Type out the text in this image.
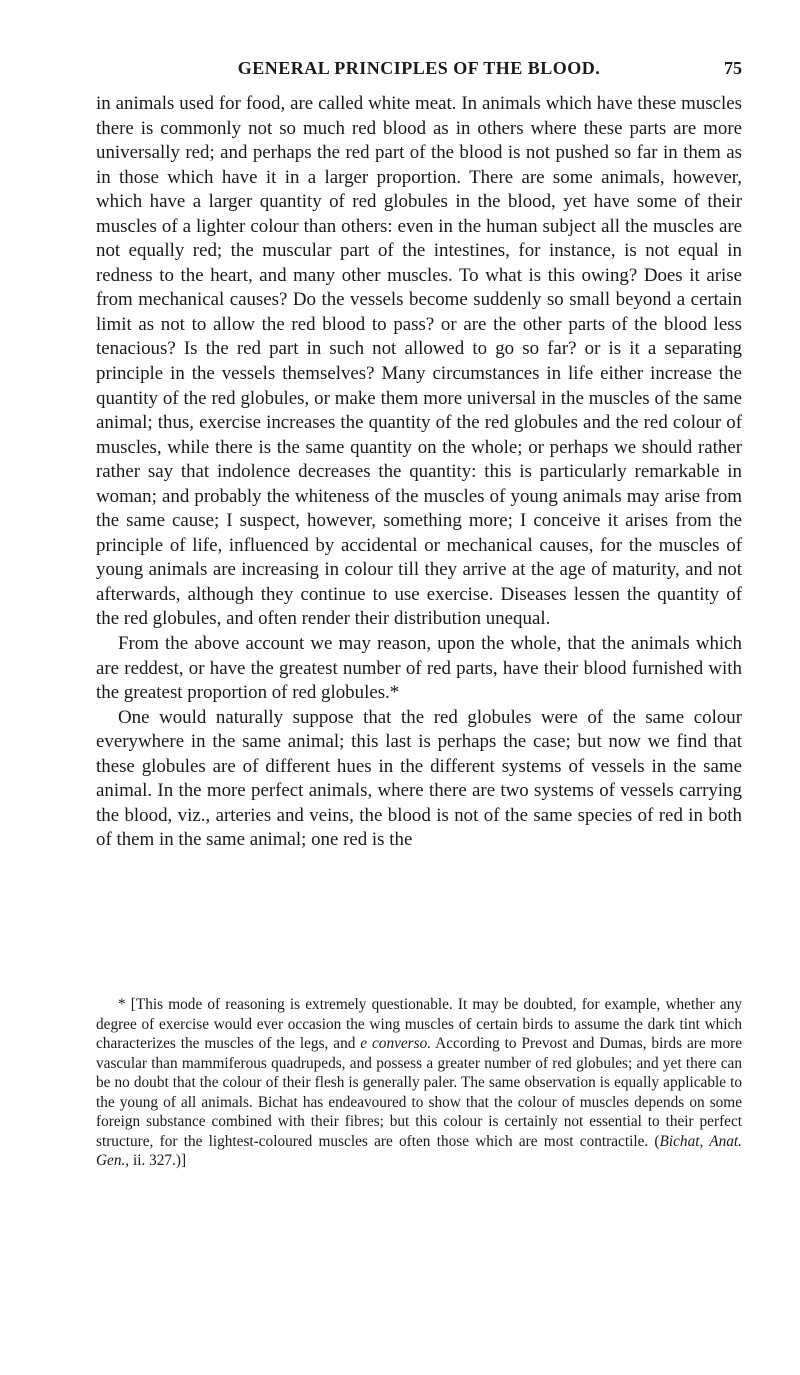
GENERAL PRINCIPLES OF THE BLOOD.	75

in animals used for food, are called white meat. In animals which have these muscles there is commonly not so much red blood as in others where these parts are more universally red; and perhaps the red part of the blood is not pushed so far in them as in those which have it in a larger proportion. There are some animals, however, which have a larger quantity of red globules in the blood, yet have some of their muscles of a lighter colour than others: even in the human subject all the muscles are not equally red; the muscular part of the intestines, for instance, is not equal in redness to the heart, and many other muscles. To what is this owing? Does it arise from mechanical causes? Do the vessels become suddenly so small beyond a certain limit as not to allow the red blood to pass? or are the other parts of the blood less tenacious? Is the red part in such not allowed to go so far? or is it a separating principle in the vessels themselves? Many circumstances in life either increase the quantity of the red globules, or make them more universal in the muscles of the same animal; thus, exercise increases the quantity of the red globules and the red colour of muscles, while there is the same quantity on the whole; or perhaps we should rather rather say that indolence decreases the quantity: this is particularly remarkable in woman; and probably the whiteness of the muscles of young animals may arise from the same cause; I suspect, however, something more; I conceive it arises from the principle of life, influenced by accidental or mechanical causes, for the muscles of young animals are increasing in colour till they arrive at the age of maturity, and not afterwards, although they continue to use exercise. Diseases lessen the quantity of the red globules, and often render their distribution unequal.

From the above account we may reason, upon the whole, that the animals which are reddest, or have the greatest number of red parts, have their blood furnished with the greatest proportion of red globules.*

One would naturally suppose that the red globules were of the same colour everywhere in the same animal; this last is perhaps the case; but now we find that these globules are of different hues in the different systems of vessels in the same animal. In the more perfect animals, where there are two systems of vessels carrying the blood, viz., arteries and veins, the blood is not of the same species of red in both of them in the same animal; one red is the

* [This mode of reasoning is extremely questionable. It may be doubted, for example, whether any degree of exercise would ever occasion the wing muscles of certain birds to assume the dark tint which characterizes the muscles of the legs, and e converso. According to Prevost and Dumas, birds are more vascular than mammiferous quadrupeds, and possess a greater number of red globules; and yet there can be no doubt that the colour of their flesh is generally paler. The same observation is equally applicable to the young of all animals. Bichat has endeavoured to show that the colour of muscles depends on some foreign substance combined with their fibres; but this colour is certainly not essential to their perfect structure, for the lightest-coloured muscles are often those which are most contractile. (Bichat, Anat. Gen., ii. 327.)]
